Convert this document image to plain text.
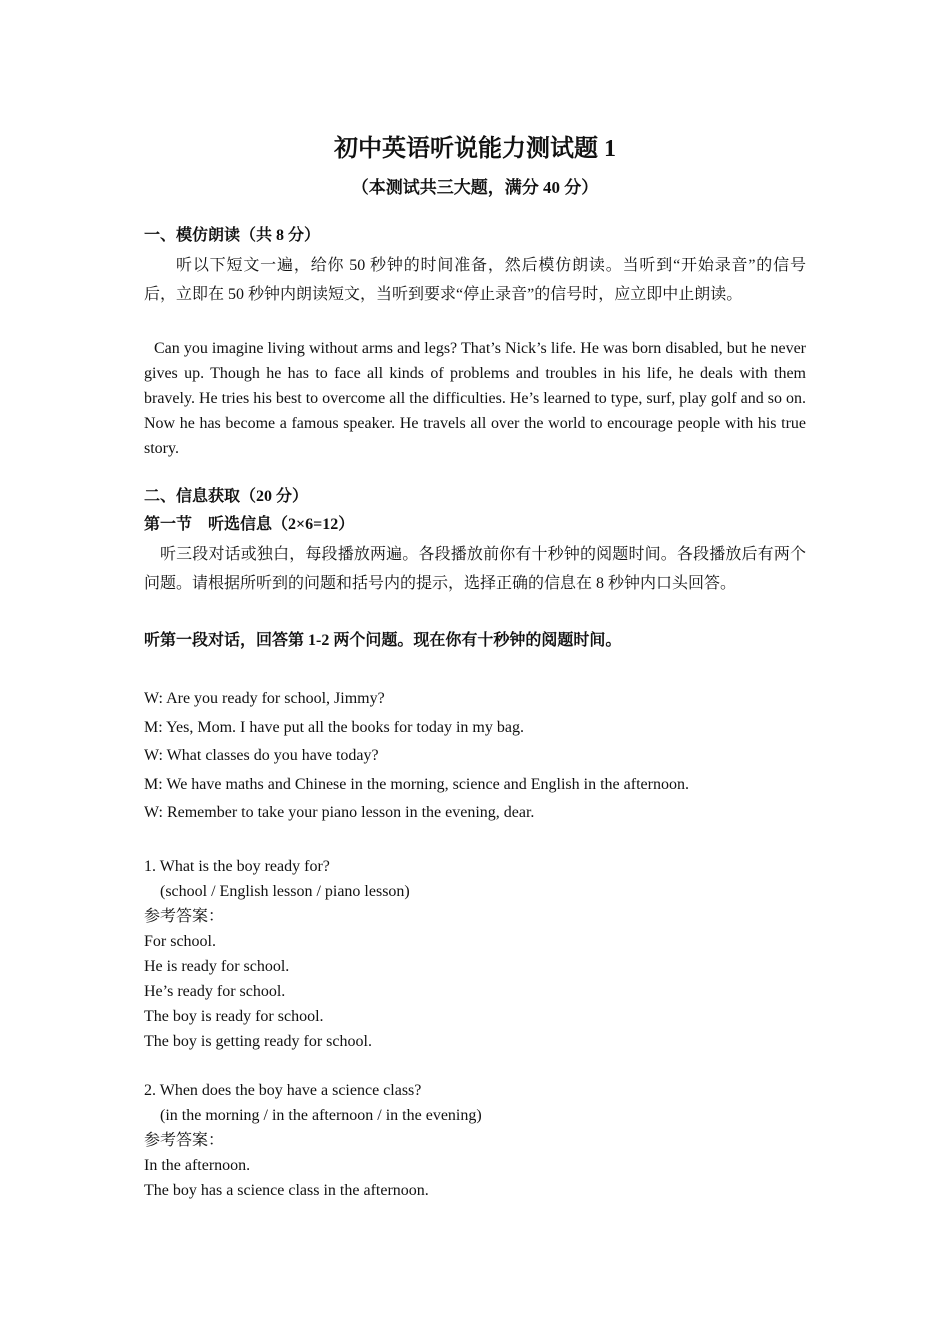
初中英语听说能力测试题 1
（本测试共三大题，满分 40 分）
一、模仿朗读（共 8 分）

听以下短文一遍，给你 50 秒钟的时间准备，然后模仿朗读。当听到“开始录音”的信号后，立即在 50 秒钟内朗读短文，当听到要求“停止录音”的信号时，应立即中止朗读。

Can you imagine living without arms and legs? That’s Nick’s life. He was born disabled, but he never gives up. Though he has to face all kinds of problems and troubles in his life, he deals with them bravely. He tries his best to overcome all the difficulties. He’s learned to type, surf, play golf and so on. Now he has become a famous speaker. He travels all over the world to encourage people with his true story.

二、信息获取（20 分）
第一节　听选信息（2×6=12）

听三段对话或独白，每段播放两遍。各段播放前你有十秒钟的阅题时间。各段播放后有两个问题。请根据所听到的问题和括号内的提示，选择正确的信息在 8 秒钟内口头回答。

听第一段对话，回答第 1-2 两个问题。现在你有十秒钟的阅题时间。
W: Are you ready for school, Jimmy?
M: Yes, Mom. I have put all the books for today in my bag.
W: What classes do you have today?
M: We have maths and Chinese in the morning, science and English in the afternoon.
W: Remember to take your piano lesson in the evening, dear.
1. What is the boy ready for?
(school / English lesson / piano lesson)
参考答案：
For school.
He is ready for school.
He’s ready for school.
The boy is ready for school.
The boy is getting ready for school.
2. When does the boy have a science class?
(in the morning / in the afternoon / in the evening)
参考答案：
In the afternoon.
The boy has a science class in the afternoon.
